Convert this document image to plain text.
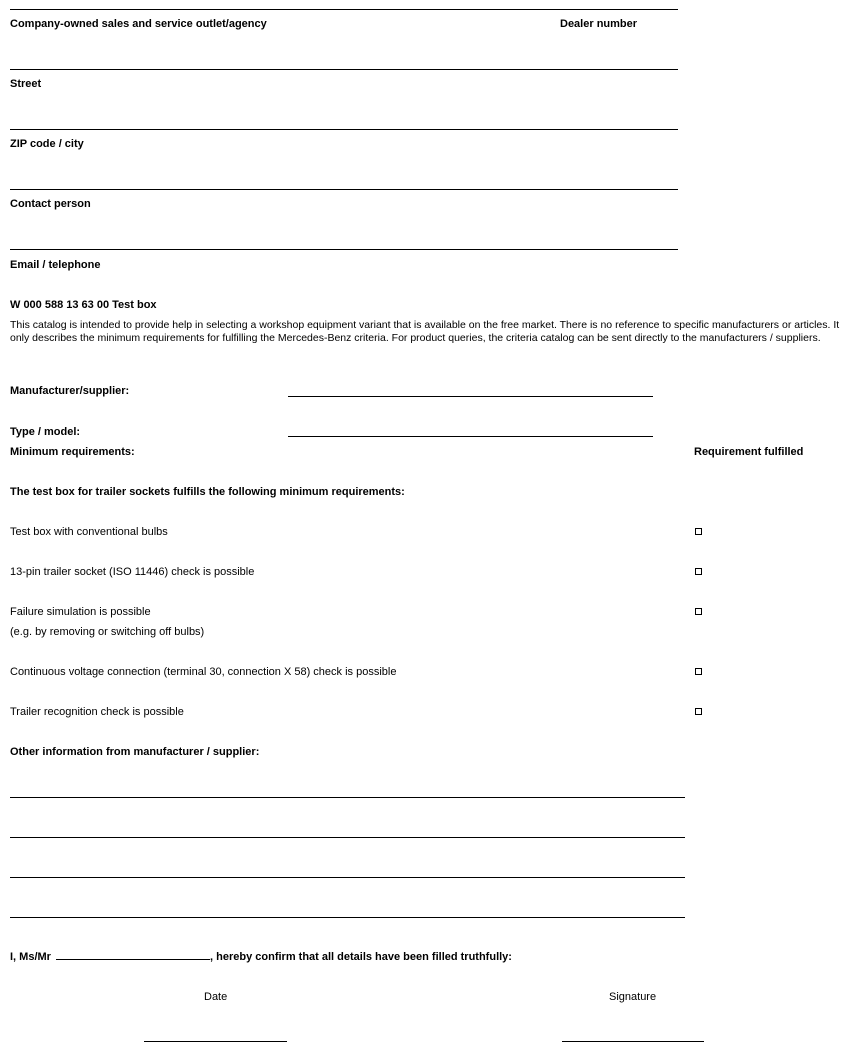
Company-owned sales and service outlet/agency	Dealer number
Street
ZIP code / city
Contact person
Email / telephone
W 000 588 13 63 00 Test box
This catalog is intended to provide help in selecting a workshop equipment variant that is available on the free market. There is no reference to specific manufacturers or articles. It only describes the minimum requirements for fulfilling the Mercedes-Benz criteria. For product queries, the criteria catalog can be sent directly to the manufacturers / suppliers.
Manufacturer/supplier:
Type / model:
Minimum requirements:	Requirement fulfilled
The test box for trailer sockets fulfills the following minimum requirements:
Test box with conventional bulbs
13-pin trailer socket (ISO 11446) check is possible
Failure simulation is possible
(e.g. by removing or switching off bulbs)
Continuous voltage connection (terminal 30, connection X 58) check is possible
Trailer recognition check is possible
Other information from manufacturer / supplier:
I, Ms/Mr	, hereby confirm that all details have been filled truthfully:
Date	Signature
